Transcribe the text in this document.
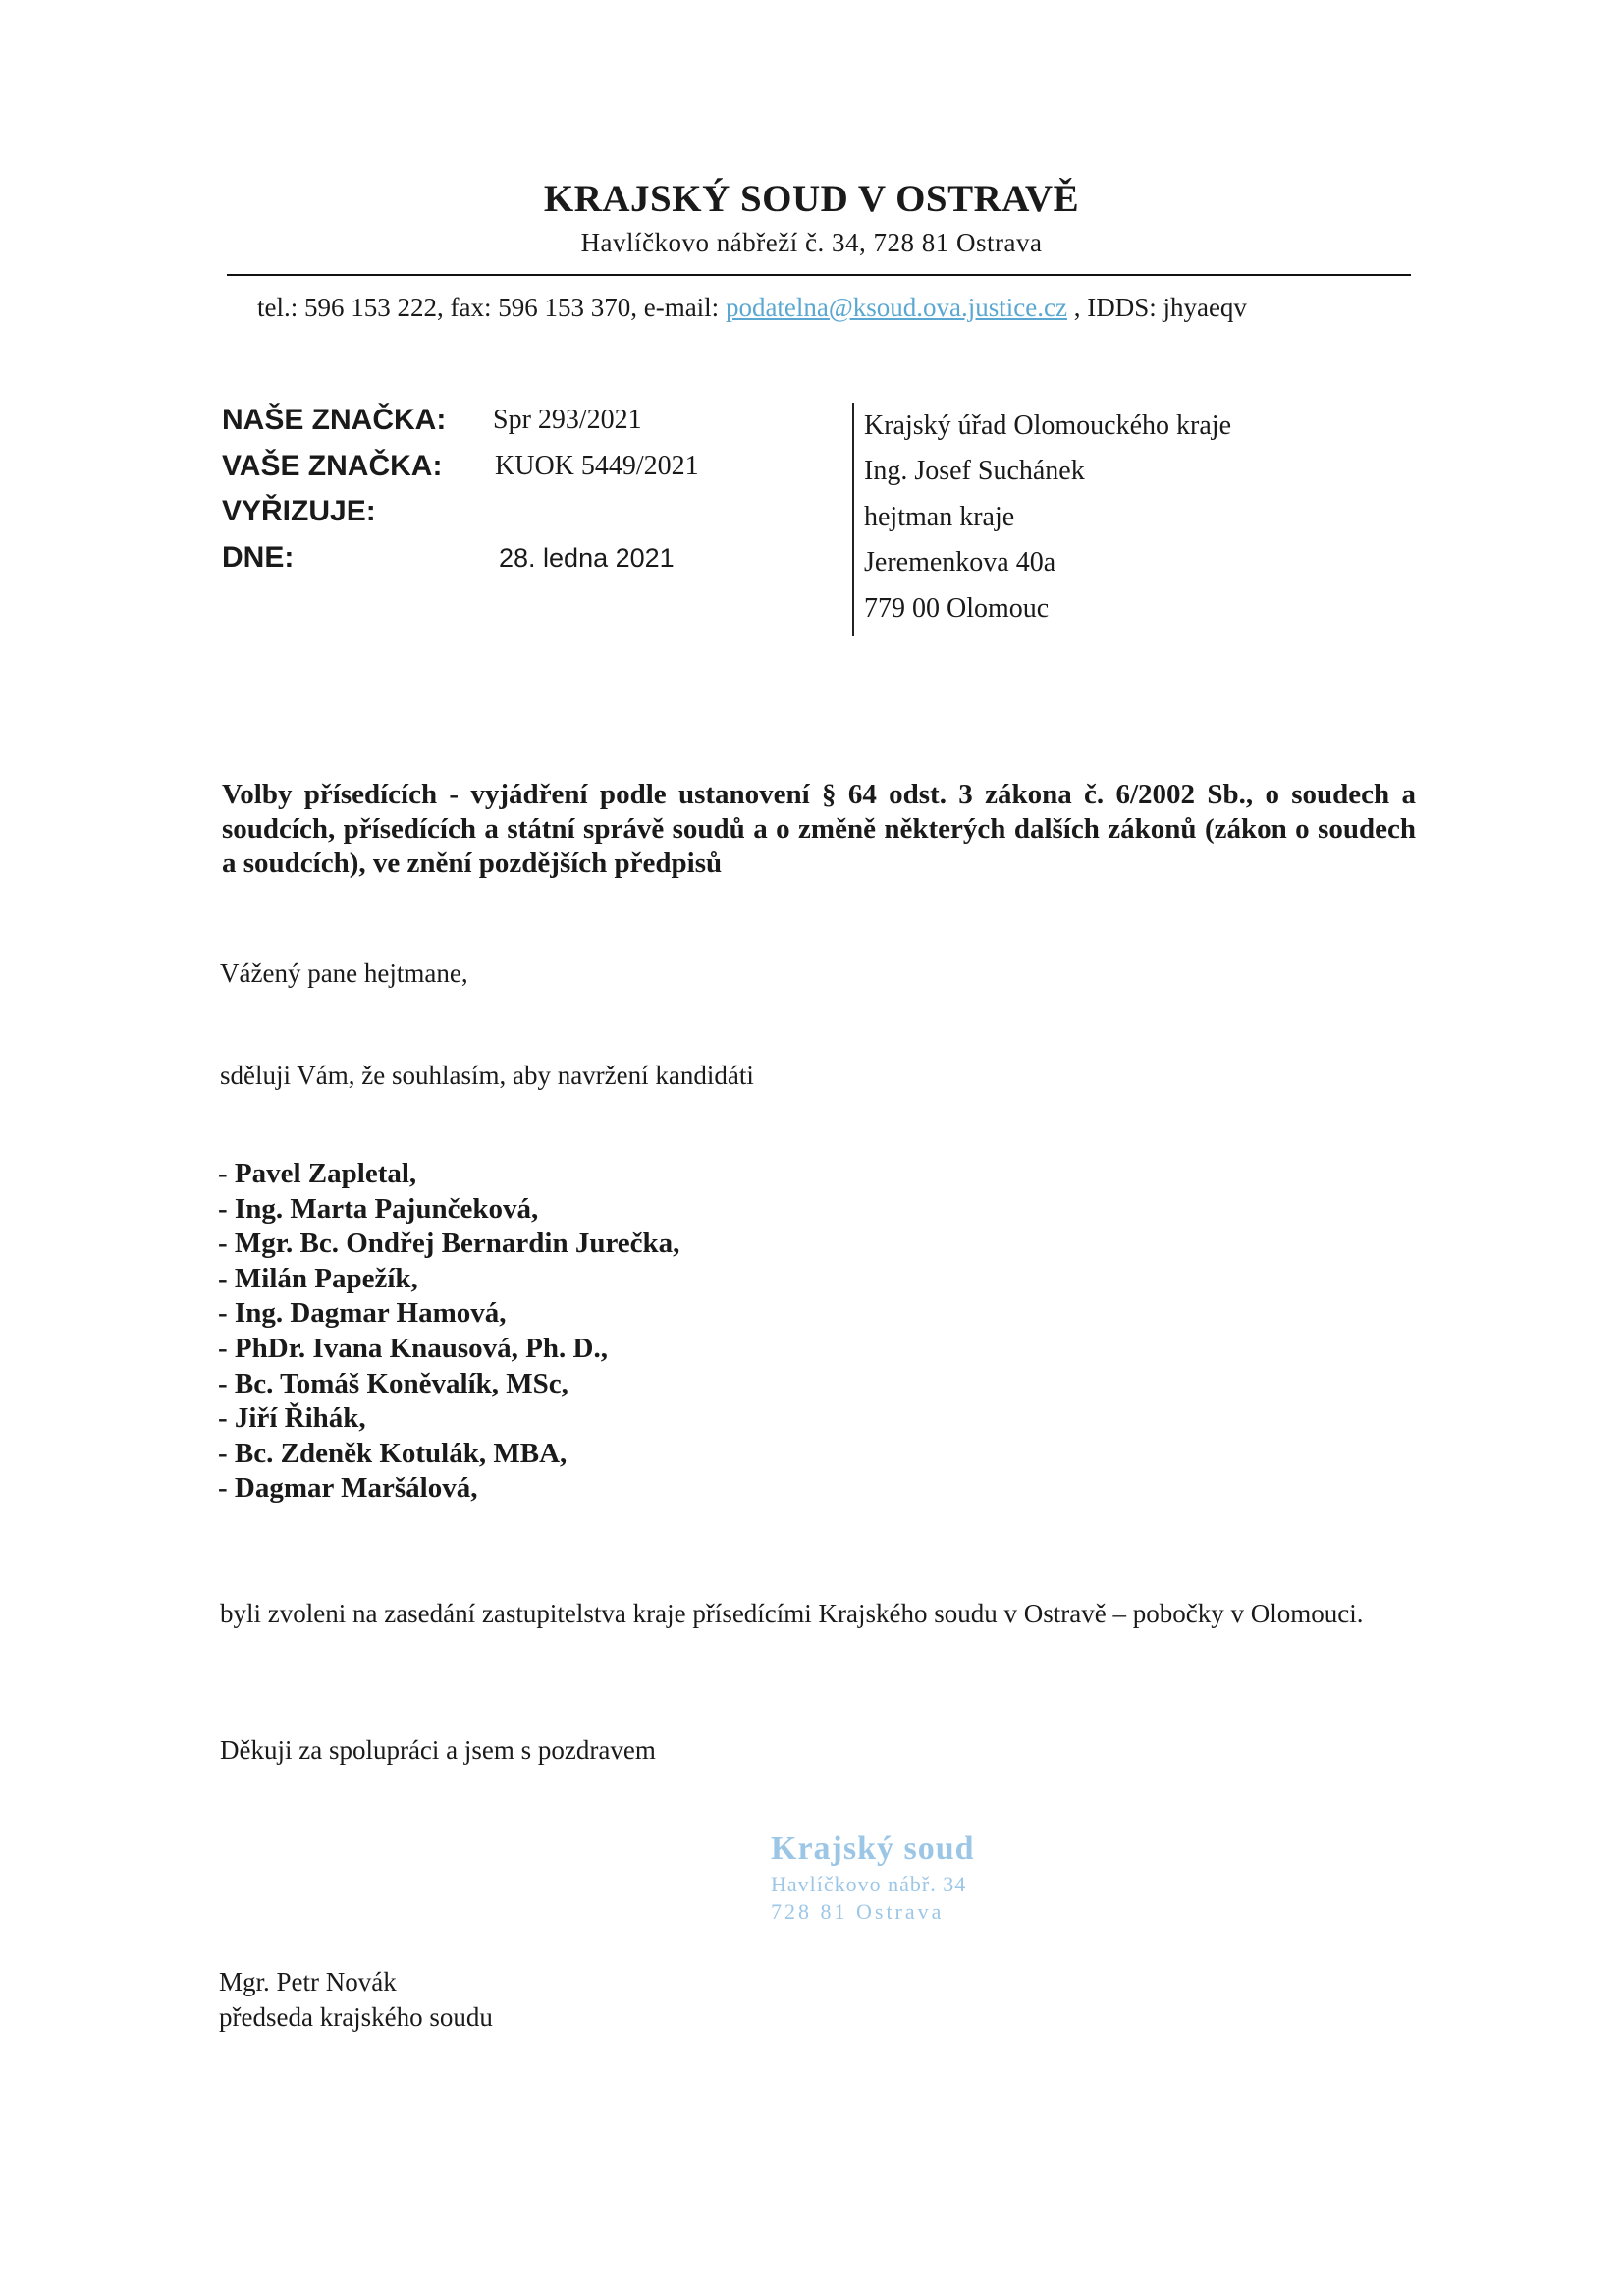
KRAJSKÝ SOUD V OSTRAVĚ
Havlíčkovo nábřeží č. 34, 728 81 Ostrava
tel.: 596 153 222, fax: 596 153 370, e-mail: podatelna@ksoud.ova.justice.cz , IDDS: jhyaeqv
NAŠE ZNAČKA: Spr 293/2021
VAŠE ZNAČKA: KUOK 5449/2021
VYŘIZUJE:
DNE:	28. ledna 2021
Krajský úřad Olomouckého kraje
Ing. Josef Suchánek
hejtman kraje
Jeremenkova 40a
779 00 Olomouc
Volby přísedících - vyjádření podle ustanovení § 64 odst. 3 zákona č. 6/2002 Sb., o soudech a soudcích, přísedících a státní správě soudů a o změně některých dalších zákonů (zákon o soudech a soudcích), ve znění pozdějších předpisů
Vážený pane hejtmane,
sděluji Vám, že souhlasím, aby navržení kandidáti
- Pavel Zapletal,
- Ing. Marta Pajunčeková,
- Mgr. Bc. Ondřej Bernardin Jurečka,
- Milán Papežík,
- Ing. Dagmar Hamová,
- PhDr. Ivana Knausová, Ph. D.,
- Bc. Tomáš Koněvalík, MSc,
- Jiří Řihák,
- Bc. Zdeněk Kotulák, MBA,
- Dagmar Maršálová,
byli zvoleni na zasedání zastupitelstva kraje přísedícími Krajského soudu v Ostravě – pobočky v Olomouci.
Děkuji za spolupráci a jsem s pozdravem
Krajský soud
Havlíčkovo nábř. 34
728 81 Ostrava
Mgr. Petr Novák
předseda krajského soudu
